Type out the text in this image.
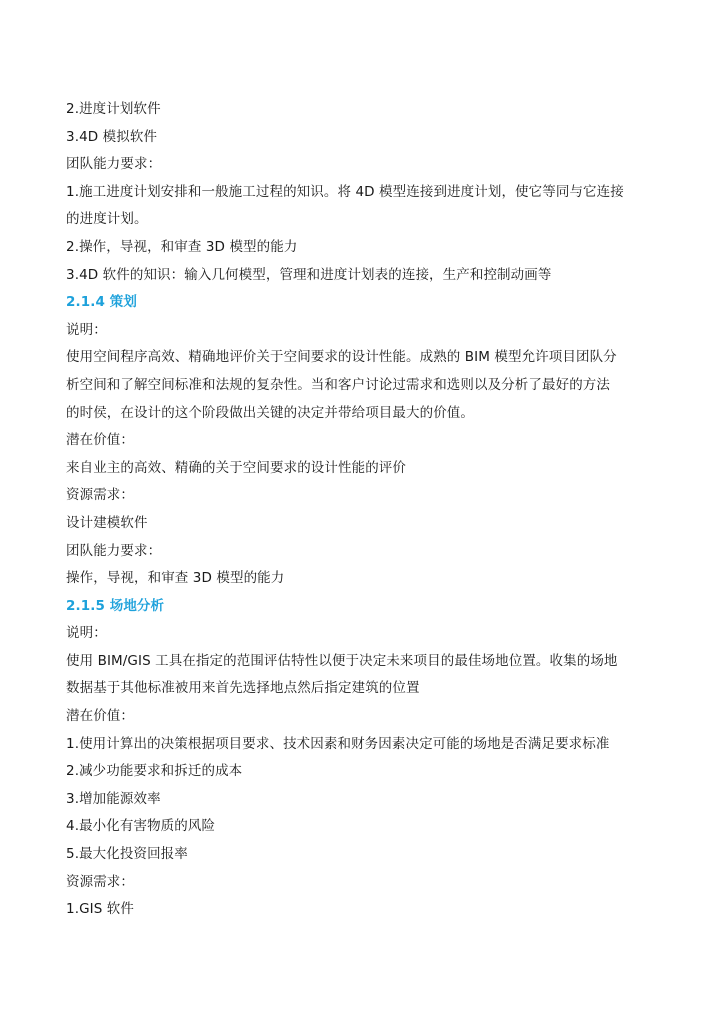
2.进度计划软件
3.4D 模拟软件
团队能力要求：
1.施工进度计划安排和一般施工过程的知识。将 4D 模型连接到进度计划，使它等同与它连接
的进度计划。
2.操作，导视，和审查 3D 模型的能力
3.4D 软件的知识：输入几何模型，管理和进度计划表的连接，生产和控制动画等
2.1.4 策划
说明：
使用空间程序高效、精确地评价关于空间要求的设计性能。成熟的 BIM 模型允许项目团队分
析空间和了解空间标准和法规的复杂性。当和客户讨论过需求和选则以及分析了最好的方法
的时侯，在设计的这个阶段做出关键的决定并带给项目最大的价值。
潜在价值：
来自业主的高效、精确的关于空间要求的设计性能的评价
资源需求：
设计建模软件
团队能力要求：
操作，导视，和审查 3D 模型的能力
2.1.5 场地分析
说明：
使用 BIM/GIS 工具在指定的范围评估特性以便于决定未来项目的最佳场地位置。收集的场地
数据基于其他标准被用来首先选择地点然后指定建筑的位置
潜在价值：
1.使用计算出的决策根据项目要求、技术因素和财务因素决定可能的场地是否满足要求标准
2.减少功能要求和拆迁的成本
3.增加能源效率
4.最小化有害物质的风险
5.最大化投资回报率
资源需求：
1.GIS 软件
